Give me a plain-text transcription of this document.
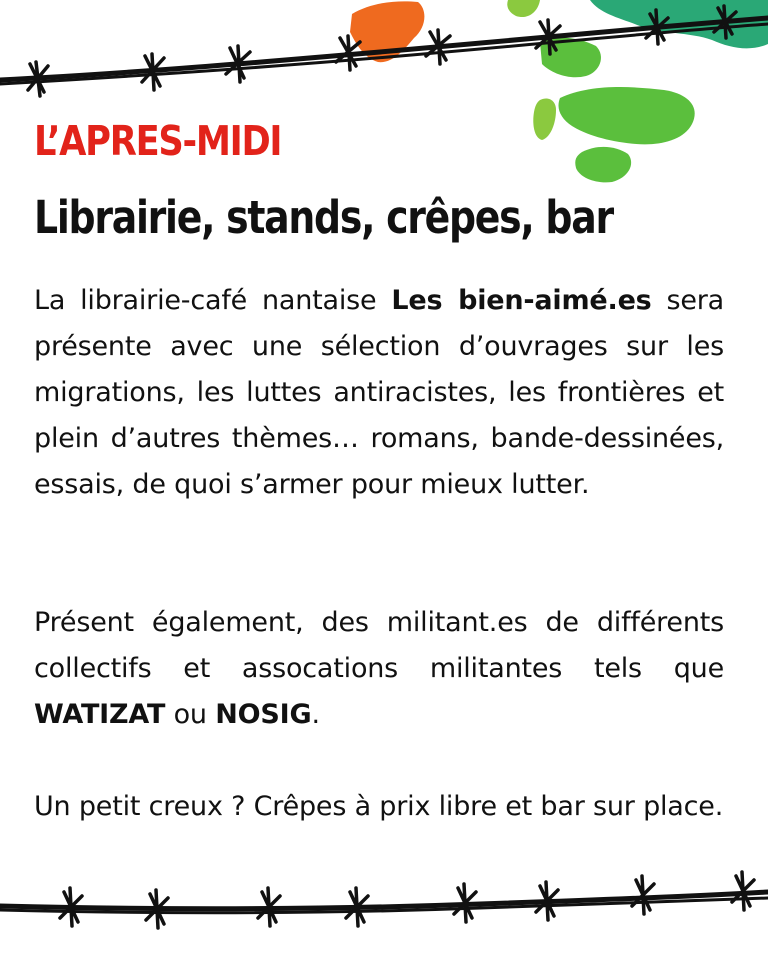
L’APRES-MIDI
Librairie, stands, crêpes, bar

La librairie-café nantaise Les bien-aimé.es sera présente avec une sélection d’ouvrages sur les migrations, les luttes antiracistes, les frontières et plein d’autres thèmes… romans, bande-dessinées, essais, de quoi s’armer pour mieux lutter.

Présent également, des militant.es de différents collectifs et assocations militantes tels que WATIZAT ou NOSIG.

Un petit creux ? Crêpes à prix libre et bar sur place.
